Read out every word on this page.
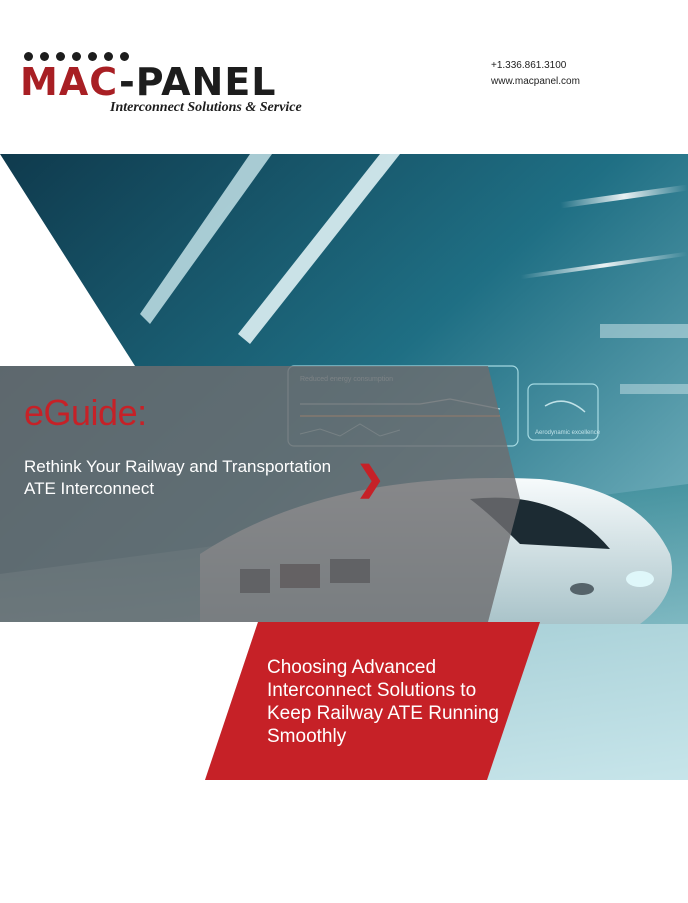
MAC-PANEL
Interconnect Solutions & Service
+1.336.861.3100
www.macpanel.com
Aerodynamic excellence
eGuide:
Rethink Your Railway and Transportation ATE Interconnect	❯
Choosing Advanced Interconnect Solutions to Keep Railway ATE Running Smoothly
